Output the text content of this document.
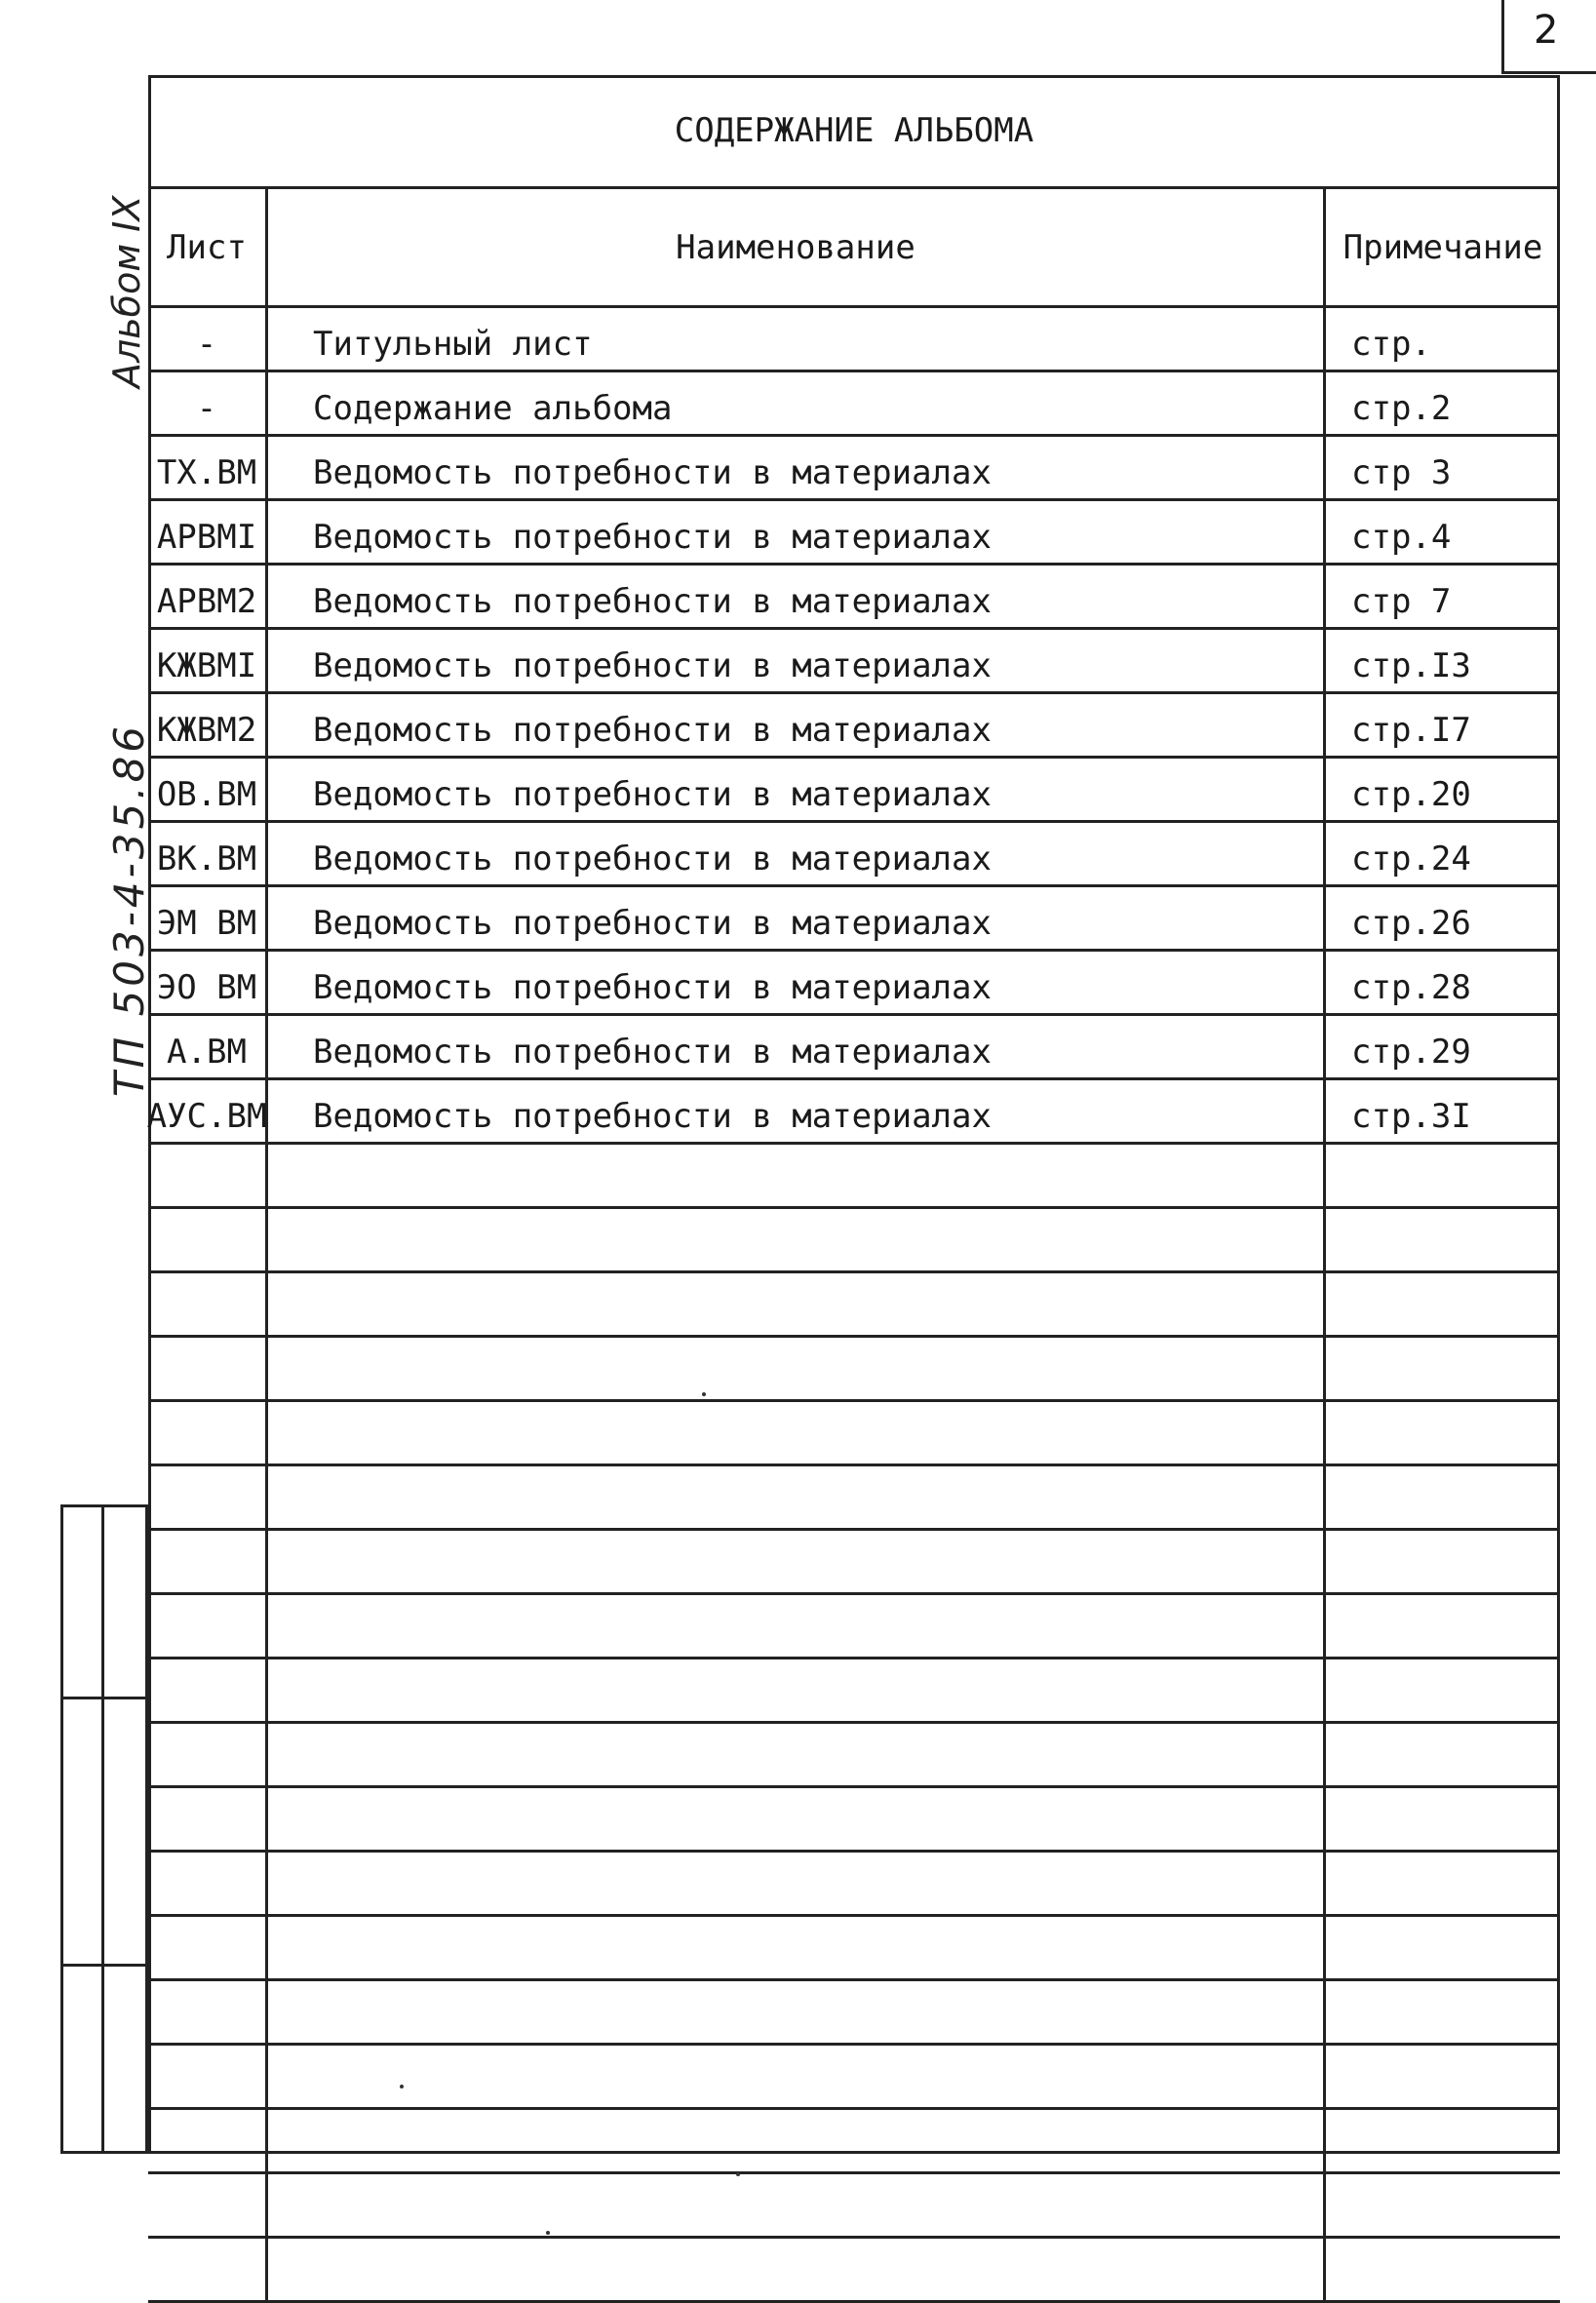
2
Альбом IX
ТП 503-4-35.86
СОДЕРЖАНИЕ АЛЬБОМА
Лист	Наименование	Примечание
-	Титульный лист	стр.
-	Содержание альбома	стр.2
ТХ.ВМ	Ведомость потребности в материалах	стр 3
АРВМI	Ведомость потребности в материалах	стр.4
АРВМ2	Ведомость потребности в материалах	стр 7
КЖВМI	Ведомость потребности в материалах	стр.I3
КЖВМ2	Ведомость потребности в материалах	стр.I7
ОВ.ВМ	Ведомость потребности в материалах	стр.20
ВК.ВМ	Ведомость потребности в материалах	стр.24
ЭМ ВМ	Ведомость потребности в материалах	стр.26
ЭО ВМ	Ведомость потребности в материалах	стр.28
А.ВМ	Ведомость потребности в материалах	стр.29
АУС.ВМ	Ведомость потребности в материалах	стр.3I
